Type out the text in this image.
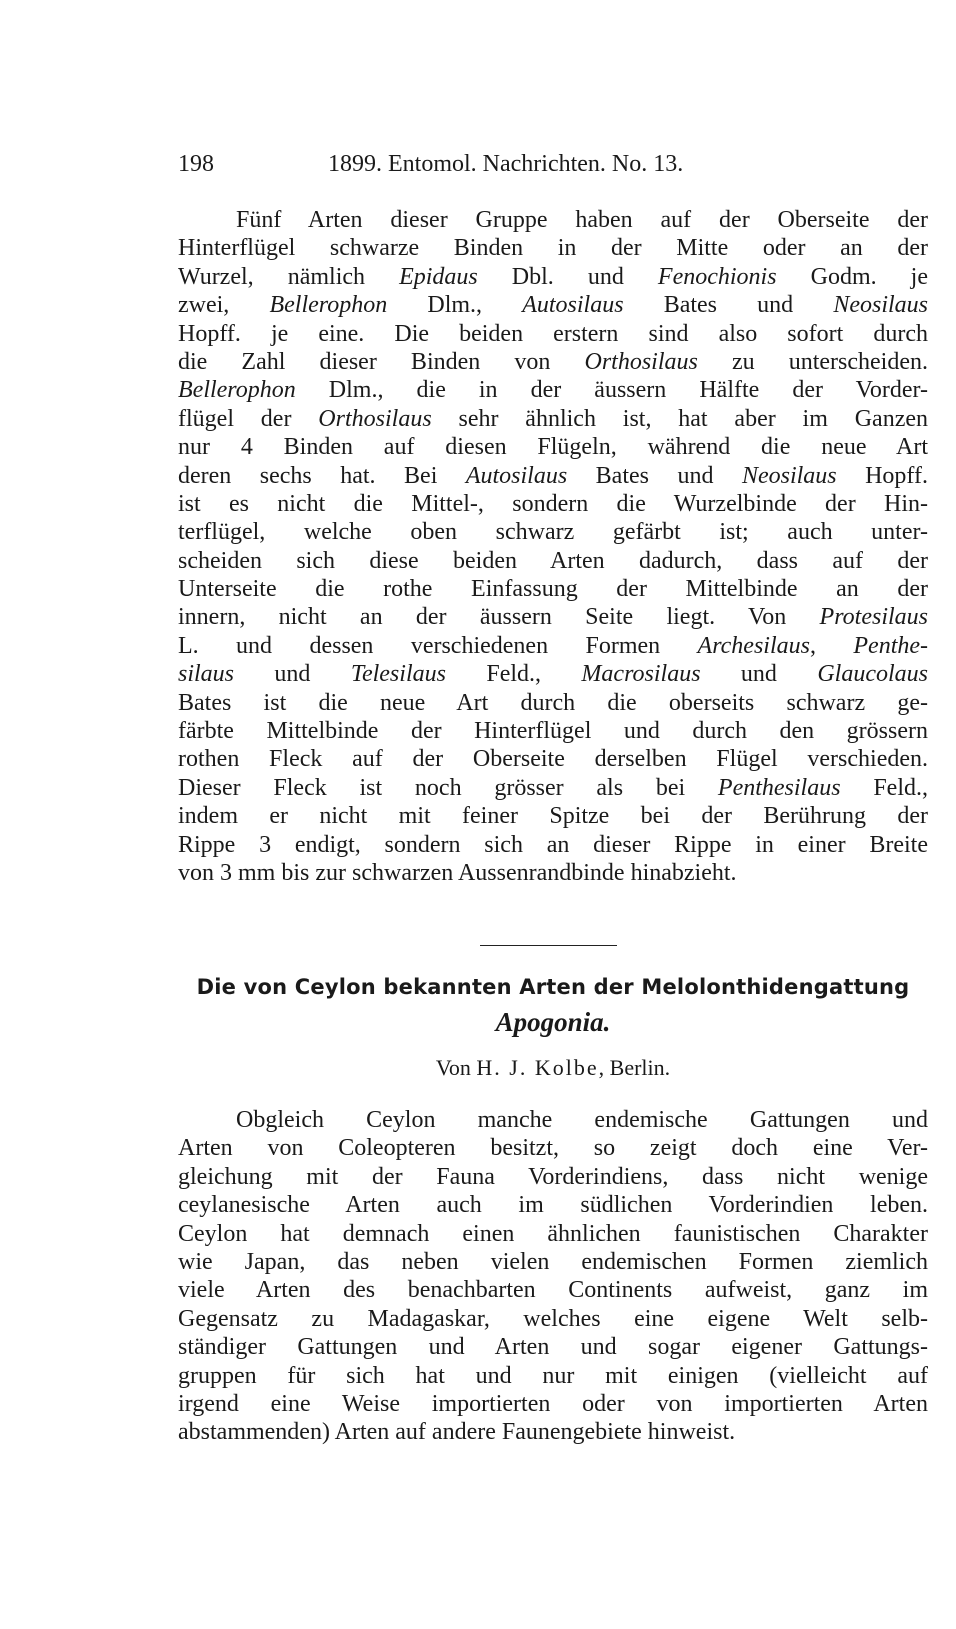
198	1899. Entomol. Nachrichten. No. 13.
Fünf Arten dieser Gruppe haben auf der Oberseite der
Hinterflügel schwarze Binden in der Mitte oder an der
Wurzel, nämlich Epidaus Dbl. und Fenochionis Godm. je
zwei, Bellerophon Dlm., Autosilaus Bates und Neosilaus
Hopff. je eine. Die beiden erstern sind also sofort durch
die Zahl dieser Binden von Orthosilaus zu unterscheiden.
Bellerophon Dlm., die in der äussern Hälfte der Vorder-
flügel der Orthosilaus sehr ähnlich ist, hat aber im Ganzen
nur 4 Binden auf diesen Flügeln, während die neue Art
deren sechs hat. Bei Autosilaus Bates und Neosilaus Hopff.
ist es nicht die Mittel-, sondern die Wurzelbinde der Hin-
terflügel, welche oben schwarz gefärbt ist; auch unter-
scheiden sich diese beiden Arten dadurch, dass auf der
Unterseite die rothe Einfassung der Mittelbinde an der
innern, nicht an der äussern Seite liegt. Von Protesilaus
L. und dessen verschiedenen Formen Archesilaus, Penthe-
silaus und Telesilaus Feld., Macrosilaus und Glaucolaus
Bates ist die neue Art durch die oberseits schwarz ge-
färbte Mittelbinde der Hinterflügel und durch den grössern
rothen Fleck auf der Oberseite derselben Flügel verschieden.
Dieser Fleck ist noch grösser als bei Penthesilaus Feld.,
indem er nicht mit feiner Spitze bei der Berührung der
Rippe 3 endigt, sondern sich an dieser Rippe in einer Breite
von 3 mm bis zur schwarzen Aussenrandbinde hinabzieht.
Die von Ceylon bekannten Arten der Melolonthidengattung
Apogonia.
Von H. J. Kolbe, Berlin.
Obgleich Ceylon manche endemische Gattungen und
Arten von Coleopteren besitzt, so zeigt doch eine Ver-
gleichung mit der Fauna Vorderindiens, dass nicht wenige
ceylanesische Arten auch im südlichen Vorderindien leben.
Ceylon hat demnach einen ähnlichen faunistischen Charakter
wie Japan, das neben vielen endemischen Formen ziemlich
viele Arten des benachbarten Continents aufweist, ganz im
Gegensatz zu Madagaskar, welches eine eigene Welt selb-
ständiger Gattungen und Arten und sogar eigener Gattungs-
gruppen für sich hat und nur mit einigen (vielleicht auf
irgend eine Weise importierten oder von importierten Arten
abstammenden) Arten auf andere Faunengebiete hinweist.
